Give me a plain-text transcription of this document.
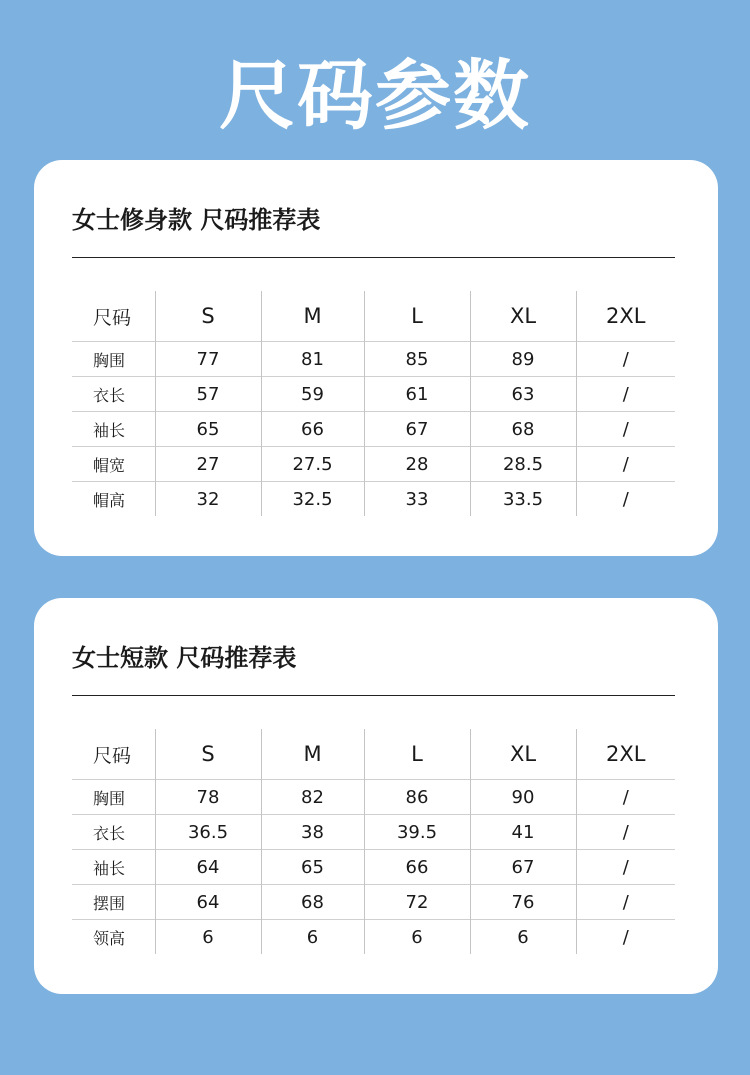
尺码参数
女士修身款 尺码推荐表
尺码	S	M	L	XL	2XL
胸围	77	81	85	89	/
衣长	57	59	61	63	/
袖长	65	66	67	68	/
帽宽	27	27.5	28	28.5	/
帽高	32	32.5	33	33.5	/
女士短款 尺码推荐表
尺码	S	M	L	XL	2XL
胸围	78	82	86	90	/
衣长	36.5	38	39.5	41	/
袖长	64	65	66	67	/
摆围	64	68	72	76	/
领高	6	6	6	6	/
